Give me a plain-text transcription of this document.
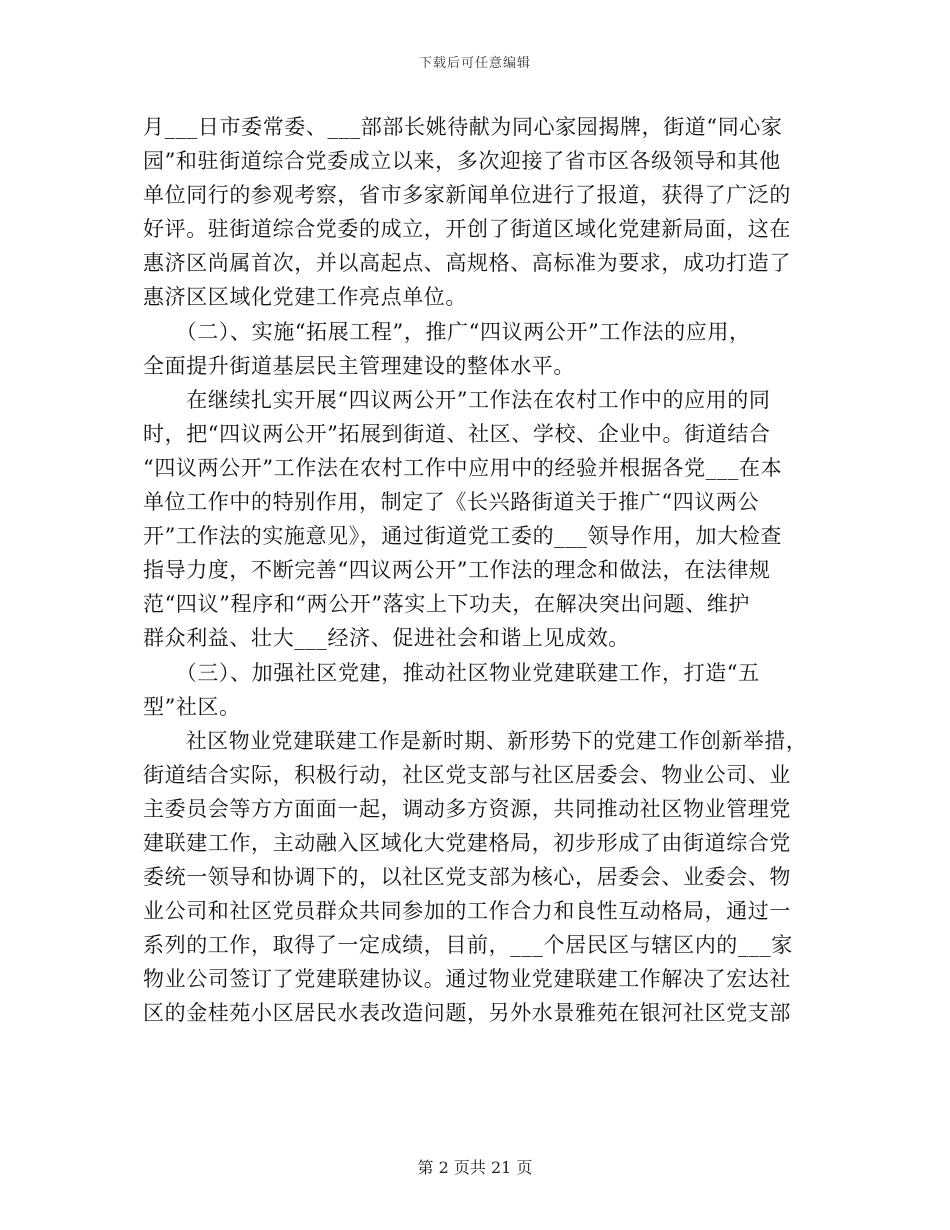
下载后可任意编辑
月___日市委常委、___部部长姚待献为同心家园揭牌，街道“同心家
园”和驻街道综合党委成立以来，多次迎接了省市区各级领导和其他
单位同行的参观考察，省市多家新闻单位进行了报道，获得了广泛的
好评。驻街道综合党委的成立，开创了街道区域化党建新局面，这在
惠济区尚属首次，并以高起点、高规格、高标准为要求，成功打造了
惠济区区域化党建工作亮点单位。
　　（二）、实施“拓展工程”，推广“四议两公开”工作法的应用，
全面提升街道基层民主管理建设的整体水平。
　　在继续扎实开展“四议两公开”工作法在农村工作中的应用的同
时，把“四议两公开”拓展到街道、社区、学校、企业中。街道结合
“四议两公开”工作法在农村工作中应用中的经验并根据各党___在本
单位工作中的特别作用，制定了《长兴路街道关于推广“四议两公
开”工作法的实施意见》，通过街道党工委的___领导作用，加大检查
指导力度，不断完善“四议两公开”工作法的理念和做法，在法律规
范“四议”程序和“两公开”落实上下功夫，在解决突出问题、维护
群众利益、壮大___经济、促进社会和谐上见成效。
　　（三）、加强社区党建，推动社区物业党建联建工作，打造“五
型”社区。
　　社区物业党建联建工作是新时期、新形势下的党建工作创新举措，
街道结合实际，积极行动，社区党支部与社区居委会、物业公司、业
主委员会等方方面面一起，调动多方资源，共同推动社区物业管理党
建联建工作，主动融入区域化大党建格局，初步形成了由街道综合党
委统一领导和协调下的，以社区党支部为核心，居委会、业委会、物
业公司和社区党员群众共同参加的工作合力和良性互动格局，通过一
系列的工作，取得了一定成绩，目前，___个居民区与辖区内的___家
物业公司签订了党建联建协议。通过物业党建联建工作解决了宏达社
区的金桂苑小区居民水表改造问题，另外水景雅苑在银河社区党支部
第 2 页共 21 页
